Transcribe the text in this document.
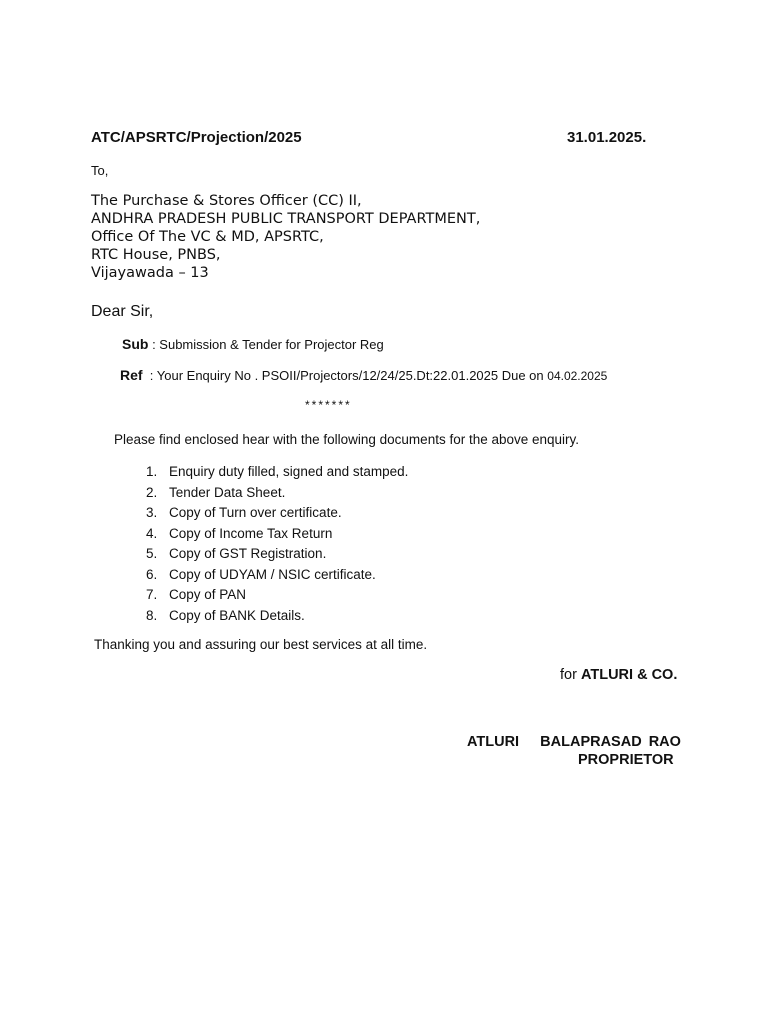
ATC/APSRTC/Projection/2025	31.01.2025.
To,
The Purchase & Stores Officer (CC) II,
ANDHRA PRADESH PUBLIC TRANSPORT DEPARTMENT,
Office Of The VC & MD, APSRTC,
RTC House, PNBS,
Vijayawada – 13
Dear Sir,
Sub : Submission & Tender for Projector Reg
Ref  : Your Enquiry No . PSOII/Projectors/12/24/25.Dt:22.01.2025 Due on 04.02.2025
*******
Please find enclosed hear with the following documents for the above enquiry.
1. Enquiry duty filled, signed and stamped.
2. Tender Data Sheet.
3. Copy of Turn over certificate.
4. Copy of Income Tax Return
5. Copy of GST Registration.
6. Copy of UDYAM / NSIC certificate.
7. Copy of PAN
8. Copy of BANK Details.
Thanking you and assuring our best services at all time.
for ATLURI & CO.
ATLURI   BALAPRASAD RAO
PROPRIETOR
